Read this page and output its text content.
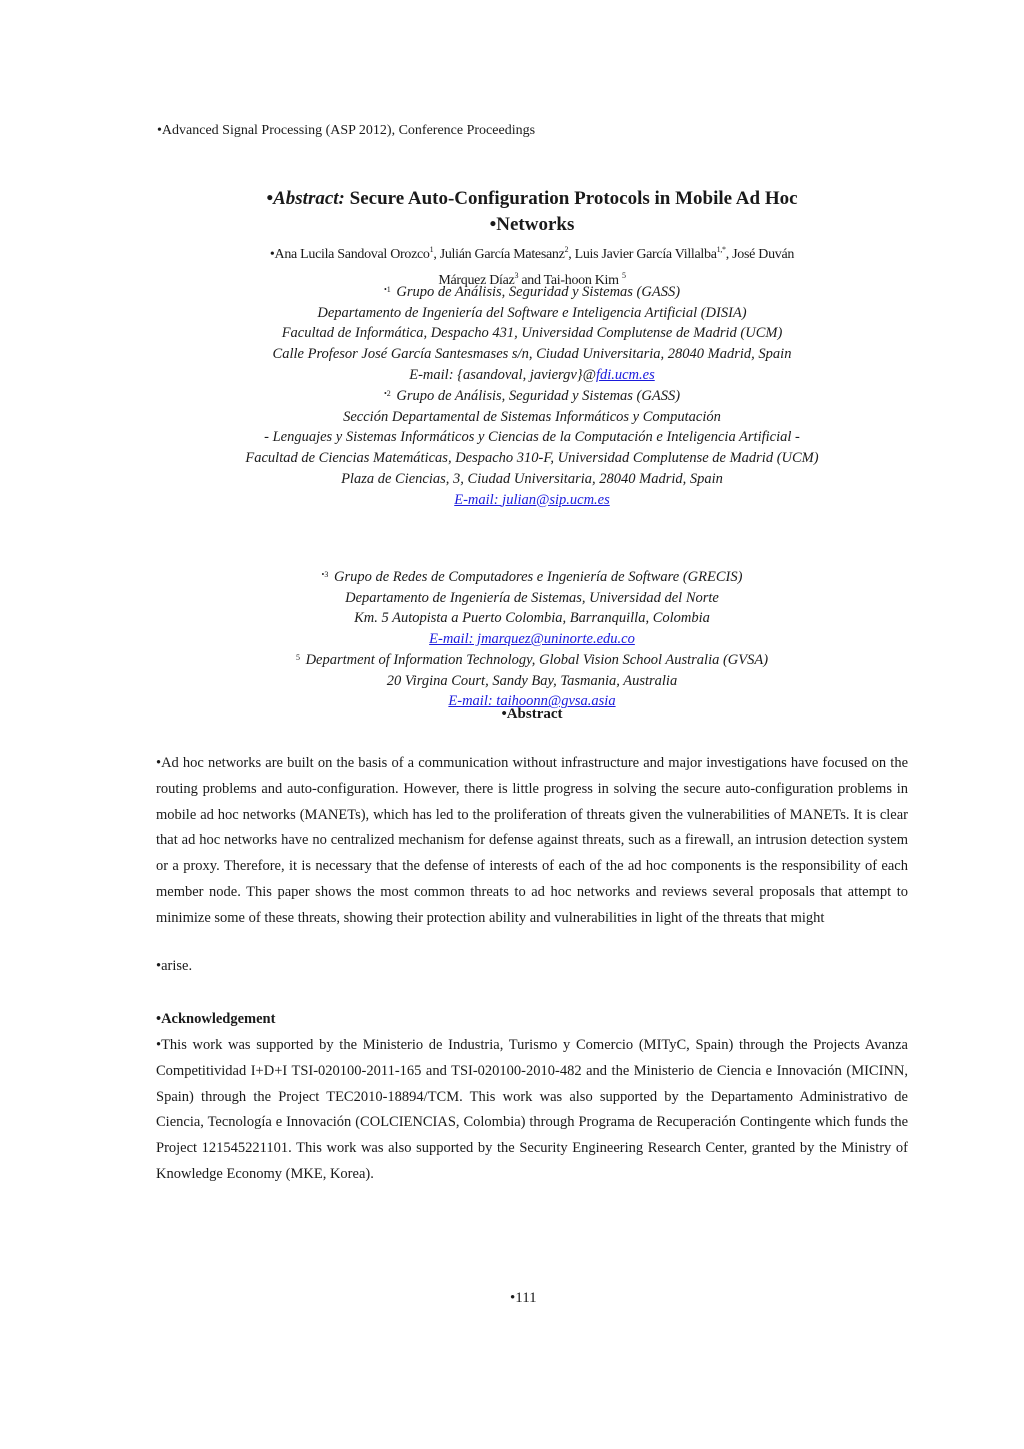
•Advanced Signal Processing (ASP 2012), Conference Proceedings
•Abstract: Secure Auto-Configuration Protocols in Mobile Ad Hoc
•Networks
•Ana Lucila Sandoval Orozco$^1$, Julián García Matesanz$^2$, Luis Javier García Villalba$^{1,*}$, José Duván
Márquez Díaz$^3$ and Tai-hoon Kim $^5$
$^{•1}$ Grupo de Análisis, Seguridad y Sistemas (GASS)
Departamento de Ingeniería del Software e Inteligencia Artificial (DISIA)
Facultad de Informática, Despacho 431, Universidad Complutense de Madrid (UCM)
Calle Profesor José García Santesmases s/n, Ciudad Universitaria, 28040 Madrid, Spain
E-mail: {asandoval, javiergv}@fdi.ucm.es
$^{•2}$ Grupo de Análisis, Seguridad y Sistemas (GASS)
Sección Departamental de Sistemas Informáticos y Computación
- Lenguajes y Sistemas Informáticos y Ciencias de la Computación e Inteligencia Artificial -
Facultad de Ciencias Matemáticas, Despacho 310-F, Universidad Complutense de Madrid (UCM)
Plaza de Ciencias, 3, Ciudad Universitaria, 28040 Madrid, Spain
E-mail: julian@sip.ucm.es
$^{•3}$ Grupo de Redes de Computadores e Ingeniería de Software (GRECIS)
Departamento de Ingeniería de Sistemas, Universidad del Norte
Km. 5 Autopista a Puerto Colombia, Barranquilla, Colombia
E-mail: jmarquez@uninorte.edu.co
$^5$ Department of Information Technology, Global Vision School Australia (GVSA)
20 Virgina Court, Sandy Bay, Tasmania, Australia
E-mail: taihoonn@gvsa.asia
•Abstract
•Ad hoc networks are built on the basis of a communication without infrastructure and major investigations have focused on the routing problems and auto-configuration. However, there is little progress in solving the secure auto-configuration problems in mobile ad hoc networks (MANETs), which has led to the proliferation of threats given the vulnerabilities of MANETs. It is clear that ad hoc networks have no centralized mechanism for defense against threats, such as a firewall, an intrusion detection system or a proxy. Therefore, it is necessary that the defense of interests of each of the ad hoc components is the responsibility of each member node. This paper shows the most common threats to ad hoc networks and reviews several proposals that attempt to minimize some of these threats, showing their protection ability and vulnerabilities in light of the threats that might
•arise.
•Acknowledgement
•This work was supported by the Ministerio de Industria, Turismo y Comercio (MITyC, Spain) through the Projects Avanza Competitividad I+D+I TSI-020100-2011-165 and TSI-020100-2010-482 and the Ministerio de Ciencia e Innovación (MICINN, Spain) through the Project TEC2010-18894/TCM. This work was also supported by the Departamento Administrativo de Ciencia, Tecnología e Innovación (COLCIENCIAS, Colombia) through Programa de Recuperación Contingente which funds the Project 121545221101. This work was also supported by the Security Engineering Research Center, granted by the Ministry of Knowledge Economy (MKE, Korea).
•111
